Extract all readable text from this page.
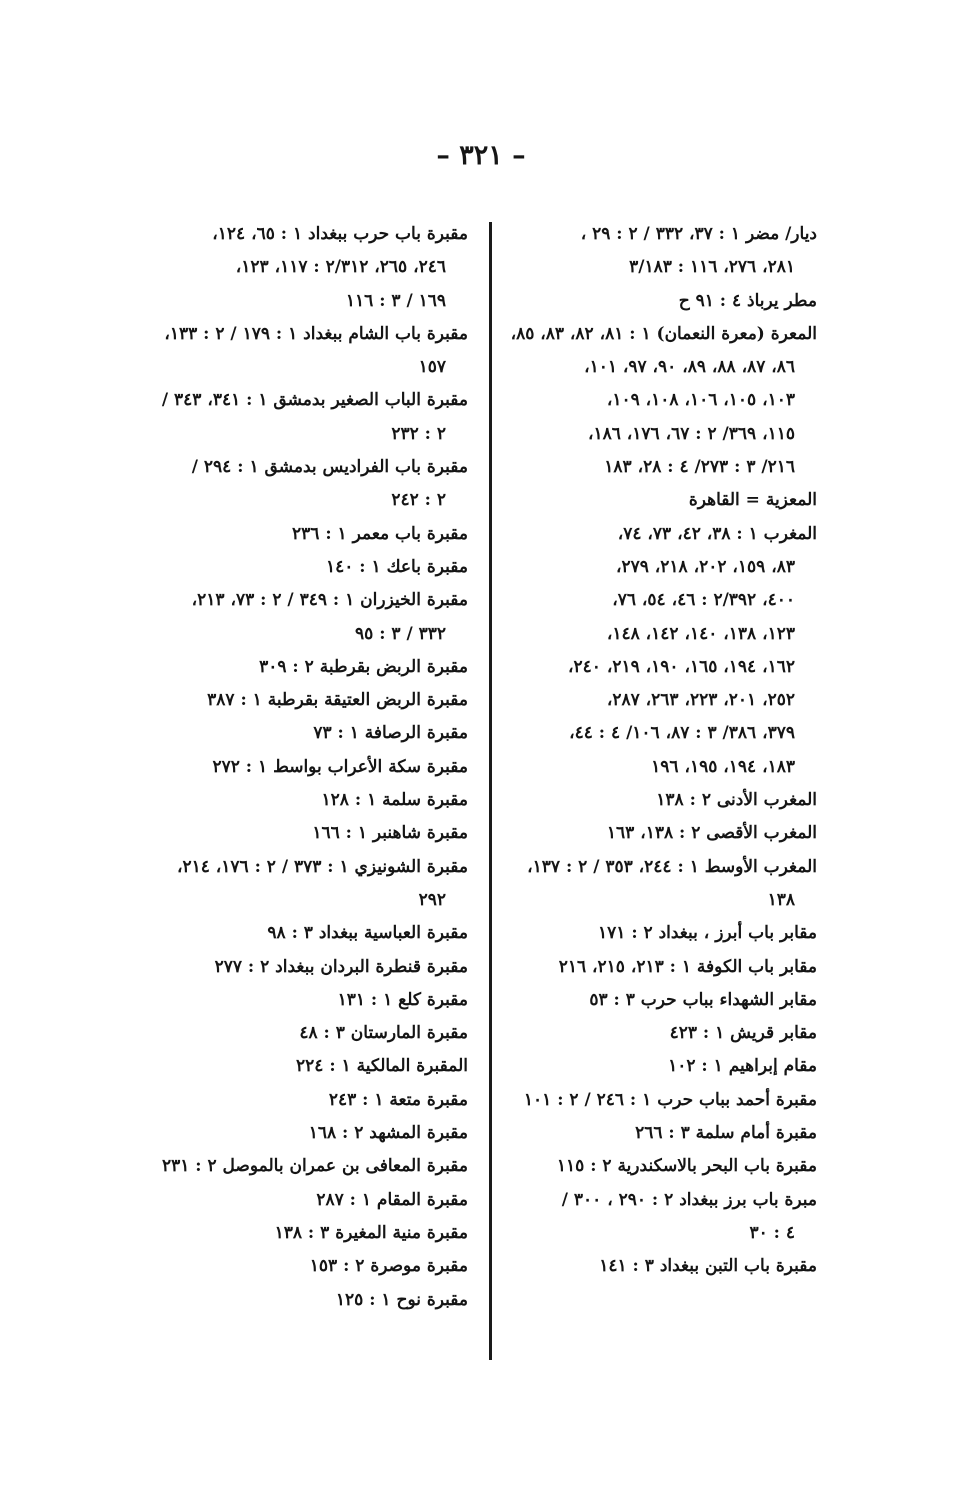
– ٣٢١ –

ديار/ مضر ١ : ٣٧، ٣٣٢ / ٢ : ٢٩ ،
٢٨١، ٢٧٦، ١١٦ : ٣/١٨٣

مطر يرباذ ٤ : ٩١ ح

المعرة (معرة النعمان) ١ : ٨١، ٨٢، ٨٣، ٨٥،
٨٦، ٨٧، ٨٨، ٨٩، ٩٠، ٩٧، ١٠١،
١٠٣، ١٠٥، ١٠٦، ١٠٨، ١٠٩،
١١٥، ٣٦٩/ ٢ : ٦٧، ١٧٦، ١٨٦،
٢١٦/ ٣ : ٢٧٣/ ٤ : ٢٨، ١٨٣

المعزية = القاهرة

المغرب ١ : ٣٨، ٤٢، ٧٣، ٧٤،
٨٣، ١٥٩، ٢٠٢، ٢١٨، ٢٧٩،
٤٠٠، ٢/٣٩٢ : ٤٦، ٥٤، ٧٦،
١٢٣، ١٣٨، ١٤٠، ١٤٢، ١٤٨،
١٦٢، ١٩٤، ١٦٥، ١٩٠، ٢١٩، ٢٤٠،
٢٥٢، ٢٠١، ٢٢٣، ٢٦٣، ٢٨٧،
٣٧٩، ٣٨٦/ ٣ : ٨٧، ١٠٦/ ٤ : ٤٤،
١٨٣، ١٩٤، ١٩٥، ١٩٦

المغرب الأدنى ٢ : ١٣٨

المغرب الأقصى ٢ : ١٣٨، ١٦٣

المغرب الأوسط ١ : ٢٤٤، ٣٥٣ / ٢ : ١٣٧،
١٣٨

مقابر باب أبرز ، ببغداد ٢ : ١٧١

مقابر باب الكوفة ١ : ٢١٣، ٢١٥، ٢١٦

مقابر الشهداء بباب حرب ٣ : ٥٣

مقابر قريش ١ : ٤٢٣

مقام إبراهيم ١ : ١٠٢

مقبرة أحمد بباب حرب ١ : ٢٤٦ / ٢ : ١٠١

مقبرة أمام سلمة ٣ : ٢٦٦

مقبرة باب البحر بالاسكندرية ٢ : ١١٥

مبرة باب برز ببغداد ٢ : ٢٩٠ ، ٣٠٠ /
٤ : ٣٠

مقبرة باب التبن ببغداد ٣ : ١٤١

مقبرة باب حرب ببغداد ١ : ٦٥، ١٢٤،
٢٤٦، ٢٦٥، ٢/٣١٢ : ١١٧، ١٢٣،
١٦٩ / ٣ : ١١٦

مقبرة باب الشام ببغداد ١ : ١٧٩ / ٢ : ١٣٣،
١٥٧

مقبرة الباب الصغير بدمشق ١ : ٣٤١، ٣٤٣ /
٢ : ٢٣٢

مقبرة باب الفراديس بدمشق ١ : ٢٩٤ /
٢ : ٢٤٢

مقبرة باب معمر ١ : ٢٣٦

مقبرة باعك ١ : ١٤٠

مقبرة الخيزران ١ : ٣٤٩ / ٢ : ٧٣، ٢١٣،
٣٣٢ / ٣ : ٩٥

مقبرة الربض بقرطبة ٢ : ٣٠٩

مقبرة الربض العتيقة بقرطبة ١ : ٣٨٧

مقبرة الرصافة ١ : ٧٣

مقبرة سكة الأعراب بواسط ١ : ٢٧٢

مقبرة سلمة ١ : ١٢٨

مقبرة شاهنبر ١ : ١٦٦

مقبرة الشونيزي ١ : ٣٧٣ / ٢ : ١٧٦، ٢١٤،
٢٩٢

مقبرة العباسية ببغداد ٣ : ٩٨

مقبرة قنطرة البردان ببغداد ٢ : ٢٧٧

مقبرة كلع ١ : ١٣١

مقبرة المارستان ٣ : ٤٨

المقبرة المالكية ١ : ٢٢٤

مقبرة متعة ١ : ٢٤٣

مقبرة المشهد ٢ : ١٦٨

مقبرة المعافى بن عمران بالموصل ٢ : ٢٣١

مقبرة المقام ١ : ٢٨٧

مقبرة منية المغيرة ٣ : ١٣٨

مقبرة موصرة ٢ : ١٥٣

مقبرة نوح ١ : ١٢٥
